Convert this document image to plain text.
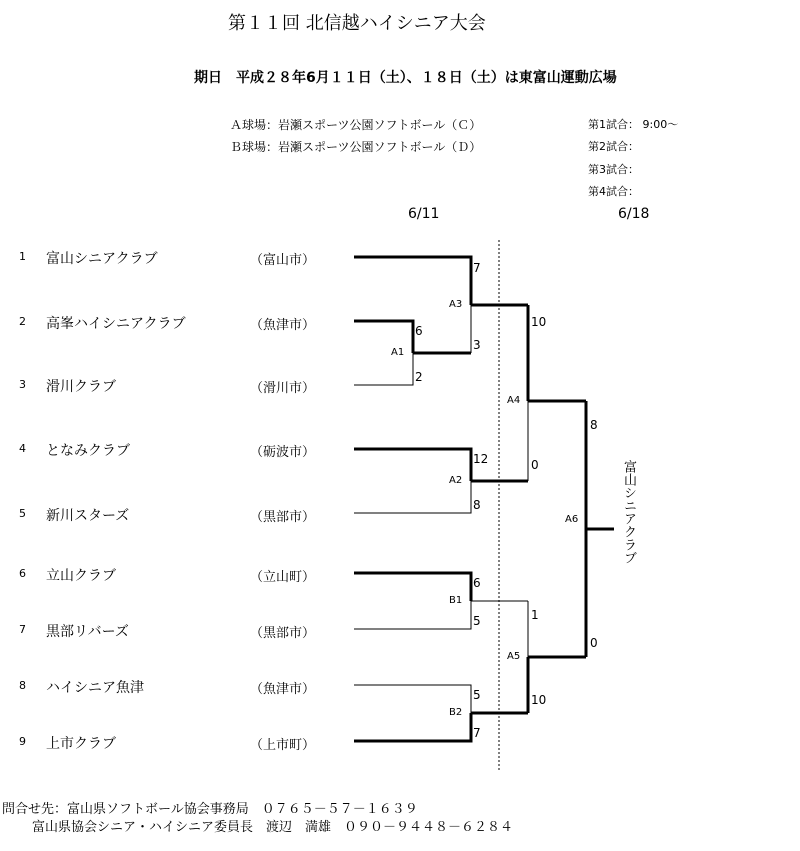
第１１回 北信越ハイシニア大会
期日　平成２８年6月１１日（土）、１８日（土）は東富山運動広場
Ａ球場：岩瀬スポーツ公園ソフトボール（Ｃ）
Ｂ球場：岩瀬スポーツ公園ソフトボール（Ｄ）
第1試合： 9:00～
第2試合：
第3試合：
第4試合：
6/11	6/18
1 富山シニアクラブ	（富山市）
2 高峯ハイシニアクラブ	（魚津市）
3 滑川クラブ	（滑川市）
4 となみクラブ	（砺波市）
5 新川スターズ	（黒部市）
6 立山クラブ	（立山町）
7 黒部リバーズ	（黒部市）
8 ハイシニア魚津	（魚津市）
9 上市クラブ	（上市町）
A1
6
2
A2
12
8
A3
7
3
B1
6
5
B2
5
7
A4
10
0
A5
1
10
A6
8
0
富山シニアクラブ
問合せ先：富山県ソフトボール協会事務局　０７６５－５７－１６３９
富山県協会シニア・ハイシニア委員長　渡辺　満雄　０９０－９４４８－６２８４
